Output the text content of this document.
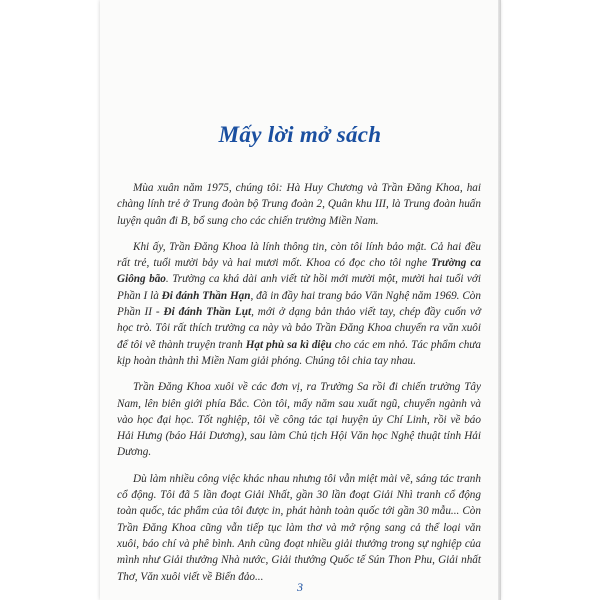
Mấy lời mở sách

Mùa xuân năm 1975, chúng tôi: Hà Huy Chương và Trần Đăng Khoa, hai chàng lính trẻ ở Trung đoàn bộ Trung đoàn 2, Quân khu III, là Trung đoàn huấn luyện quân đi B, bổ sung cho các chiến trường Miền Nam.

Khi ấy, Trần Đăng Khoa là lính thông tin, còn tôi lính bảo mật. Cả hai đều rất trẻ, tuổi mười bảy và hai mươi mốt. Khoa có đọc cho tôi nghe Trường ca Giông bão. Trường ca khá dài anh viết từ hồi mới mười một, mười hai tuổi với Phần I là Đi đánh Thần Hạn, đã in đầy hai trang báo Văn Nghệ năm 1969. Còn Phần II - Đi đánh Thần Lụt, mới ở dạng bản thảo viết tay, chép đầy cuốn vở học trò. Tôi rất thích trường ca này và bảo Trần Đăng Khoa chuyển ra văn xuôi để tôi vẽ thành truyện tranh Hạt phù sa kì diệu cho các em nhỏ. Tác phẩm chưa kịp hoàn thành thì Miền Nam giải phóng. Chúng tôi chia tay nhau.

Trần Đăng Khoa xuôi về các đơn vị, ra Trường Sa rồi đi chiến trường Tây Nam, lên biên giới phía Bắc. Còn tôi, mấy năm sau xuất ngũ, chuyển ngành và vào học đại học. Tốt nghiệp, tôi về công tác tại huyện ủy Chí Linh, rồi về báo Hải Hưng (báo Hải Dương), sau làm Chủ tịch Hội Văn học Nghệ thuật tỉnh Hải Dương.

Dù làm nhiều công việc khác nhau nhưng tôi vẫn miệt mài vẽ, sáng tác tranh cổ động. Tôi đã 5 lần đoạt Giải Nhất, gần 30 lần đoạt Giải Nhì tranh cổ động toàn quốc, tác phẩm của tôi được in, phát hành toàn quốc tới gần 30 mẫu... Còn Trần Đăng Khoa cũng vẫn tiếp tục làm thơ và mở rộng sang cả thể loại văn xuôi, báo chí và phê bình. Anh cũng đoạt nhiều giải thưởng trong sự nghiệp của mình như Giải thưởng Nhà nước, Giải thưởng Quốc tế Sún Thon Phu, Giải nhất Thơ, Văn xuôi viết về Biển đảo...

3
